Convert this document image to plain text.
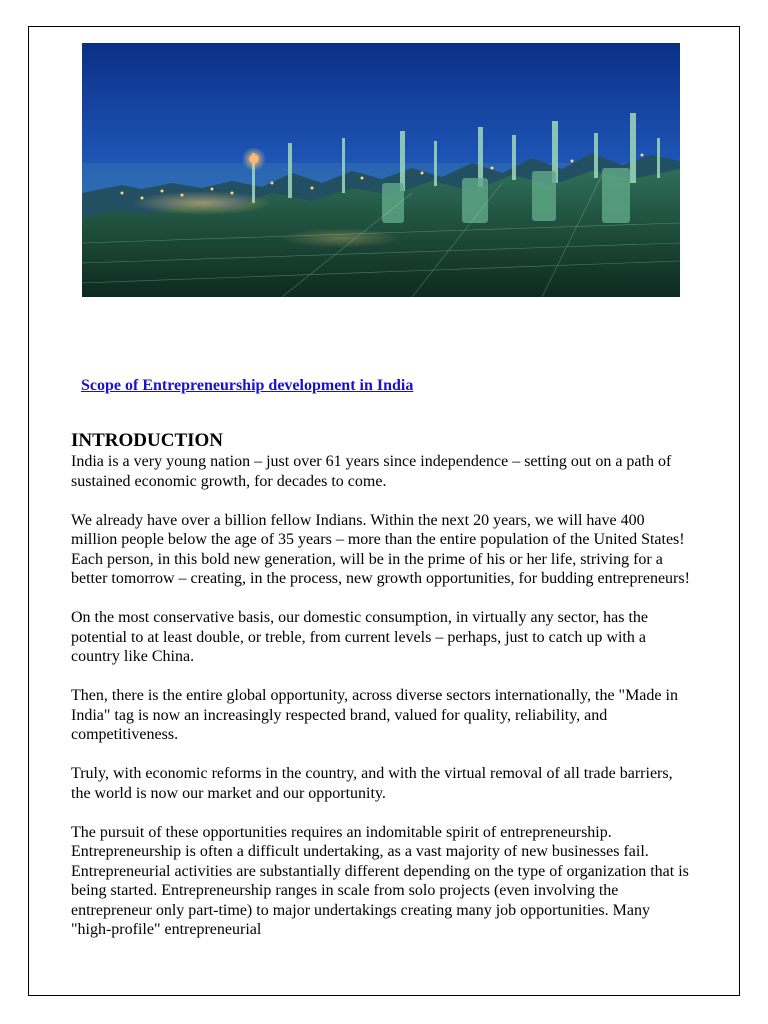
Scope of Entrepreneurship development in India
INTRODUCTION

India is a very young nation – just over 61 years since independence – setting out on a path of sustained economic growth, for decades to come.

We already have over a billion fellow Indians. Within the next 20 years, we will have 400 million people below the age of 35 years – more than the entire population of the United States! Each person, in this bold new generation, will be in the prime of his or her life, striving for a better tomorrow – creating, in the process, new growth opportunities, for budding entrepreneurs!

On the most conservative basis, our domestic consumption, in virtually any sector, has the potential to at least double, or treble, from current levels – perhaps, just to catch up with a country like China.

Then, there is the entire global opportunity, across diverse sectors internationally, the "Made in India" tag is now an increasingly respected brand, valued for quality, reliability, and competitiveness.

Truly, with economic reforms in the country, and with the virtual removal of all trade barriers, the world is now our market and our opportunity.

The pursuit of these opportunities requires an indomitable spirit of entrepreneurship.

Entrepreneurship is often a difficult undertaking, as a vast majority of new businesses fail. Entrepreneurial activities are substantially different depending on the type of organization that is being started. Entrepreneurship ranges in scale from solo projects (even involving the entrepreneur only part-time) to major undertakings creating many job opportunities. Many "high-profile" entrepreneurial
